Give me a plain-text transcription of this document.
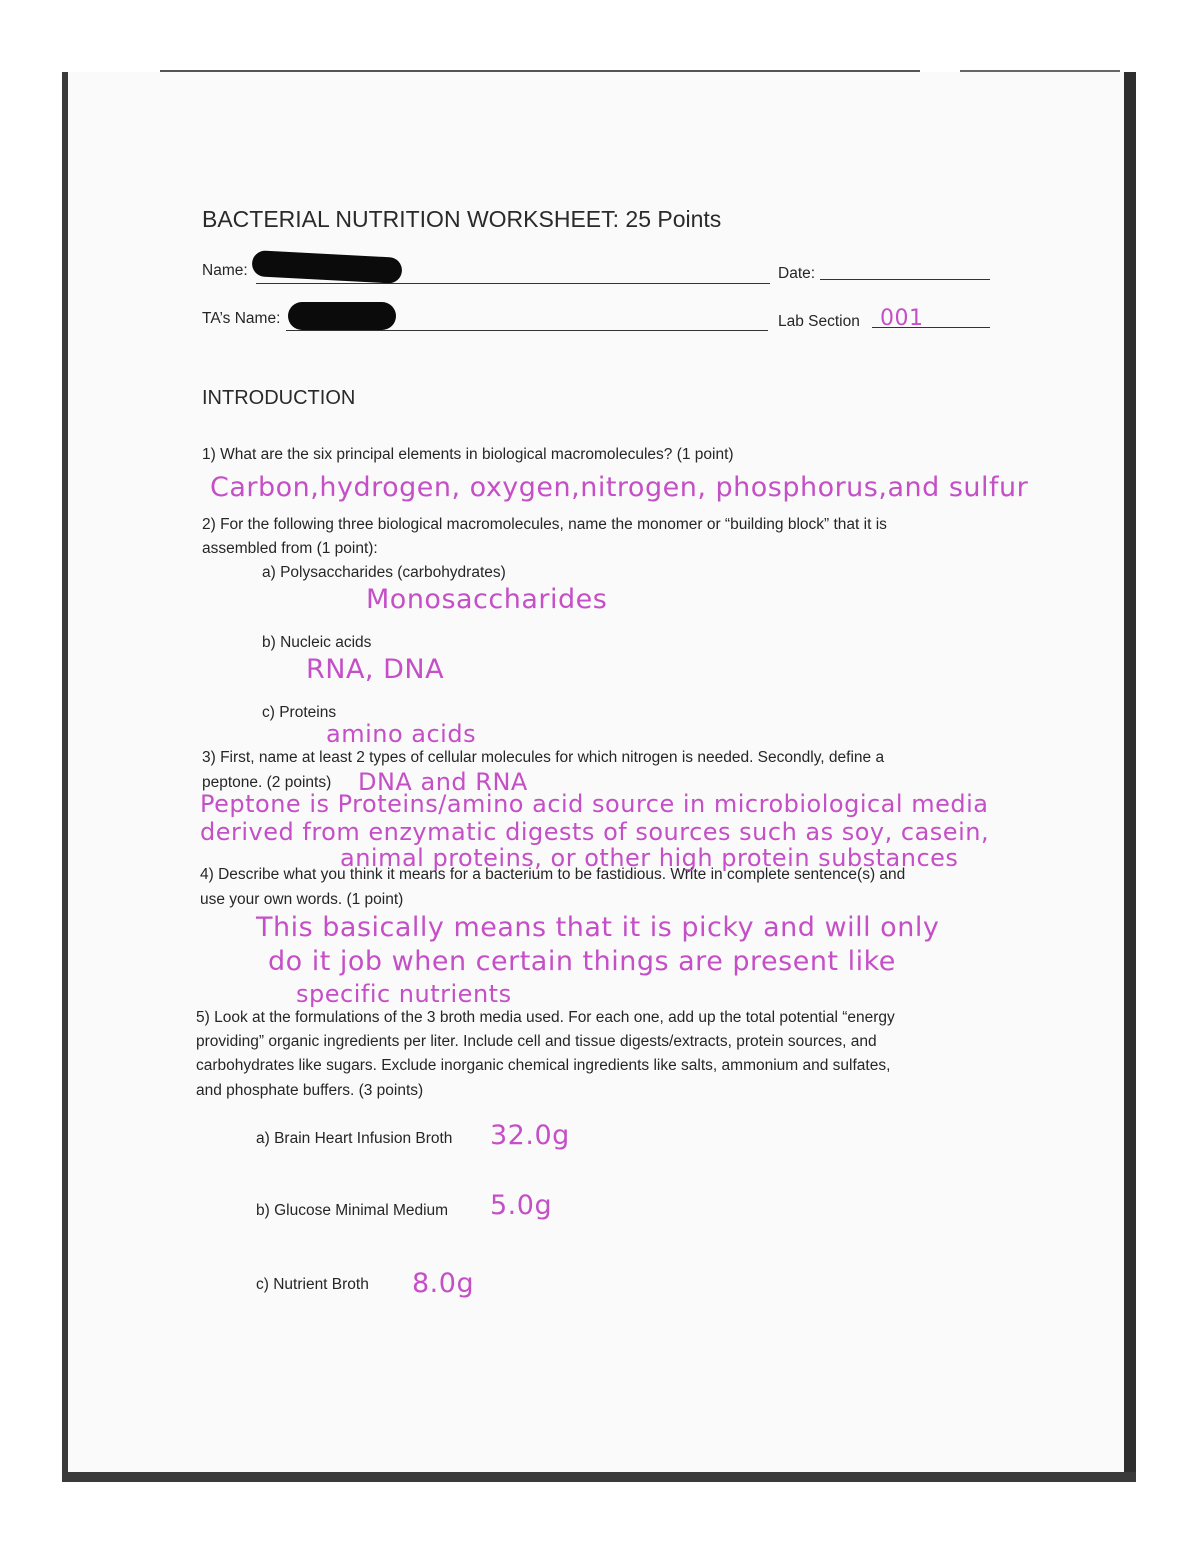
BACTERIAL NUTRITION WORKSHEET: 25 Points
Name:	Date:
TA’s Name:	Lab Section 001
INTRODUCTION
1) What are the six principal elements in biological macromolecules? (1 point)
Carbon,hydrogen, oxygen,nitrogen, phosphorus,and sulfur
2) For the following three biological macromolecules, name the monomer or “building block” that it is
assembled from (1 point):
a) Polysaccharides (carbohydrates)
Monosaccharides
b) Nucleic acids
RNA, DNA
c) Proteins
amino acids
3) First, name at least 2 types of cellular molecules for which nitrogen is needed. Secondly, define a
peptone. (2 points) DNA and RNA
Peptone is Proteins/amino acid source in microbiological media
derived from enzymatic digests of sources such as soy, casein,
animal proteins, or other high protein substances
4) Describe what you think it means for a bacterium to be fastidious. Write in complete sentence(s) and
use your own words. (1 point)
This basically means that it is picky and will only
do it job when certain things are present like
specific nutrients
5) Look at the formulations of the 3 broth media used. For each one, add up the total potential “energy
providing” organic ingredients per liter. Include cell and tissue digests/extracts, protein sources, and
carbohydrates like sugars. Exclude inorganic chemical ingredients like salts, ammonium and sulfates,
and phosphate buffers. (3 points)
a) Brain Heart Infusion Broth 32.0g
b) Glucose Minimal Medium 5.0g
c) Nutrient Broth 8.0g
